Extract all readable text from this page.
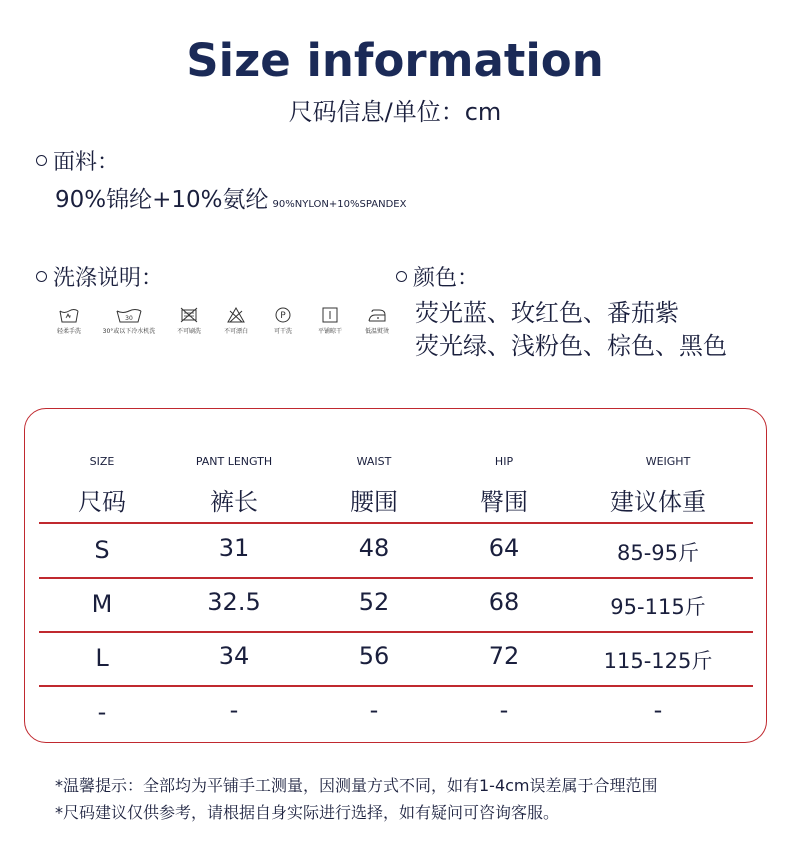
Size information
尺码信息/单位：cm
面料：
90%锦纶+10%氨纶 90%NYLON+10%SPANDEX
洗涤说明：
轻柔手洗
30
30°或以下冷水机洗	不可刷洗	不可漂白
P
可干洗	平铺晾干	低温熨烫
颜色：
荧光蓝、玫红色、番茄紫
荧光绿、浅粉色、棕色、黑色
SIZE	PANT LENGTH	WAIST	HIP	WEIGHT
尺码	裤长	腰围	臀围	建议体重
S	31	48	64	85-95斤
M	32.5	52	68	95-115斤
L	34	56	72	115-125斤
-	-	-	-	-
*温馨提示：全部均为平铺手工测量，因测量方式不同，如有1-4cm误差属于合理范围
*尺码建议仅供参考，请根据自身实际进行选择，如有疑问可咨询客服。
